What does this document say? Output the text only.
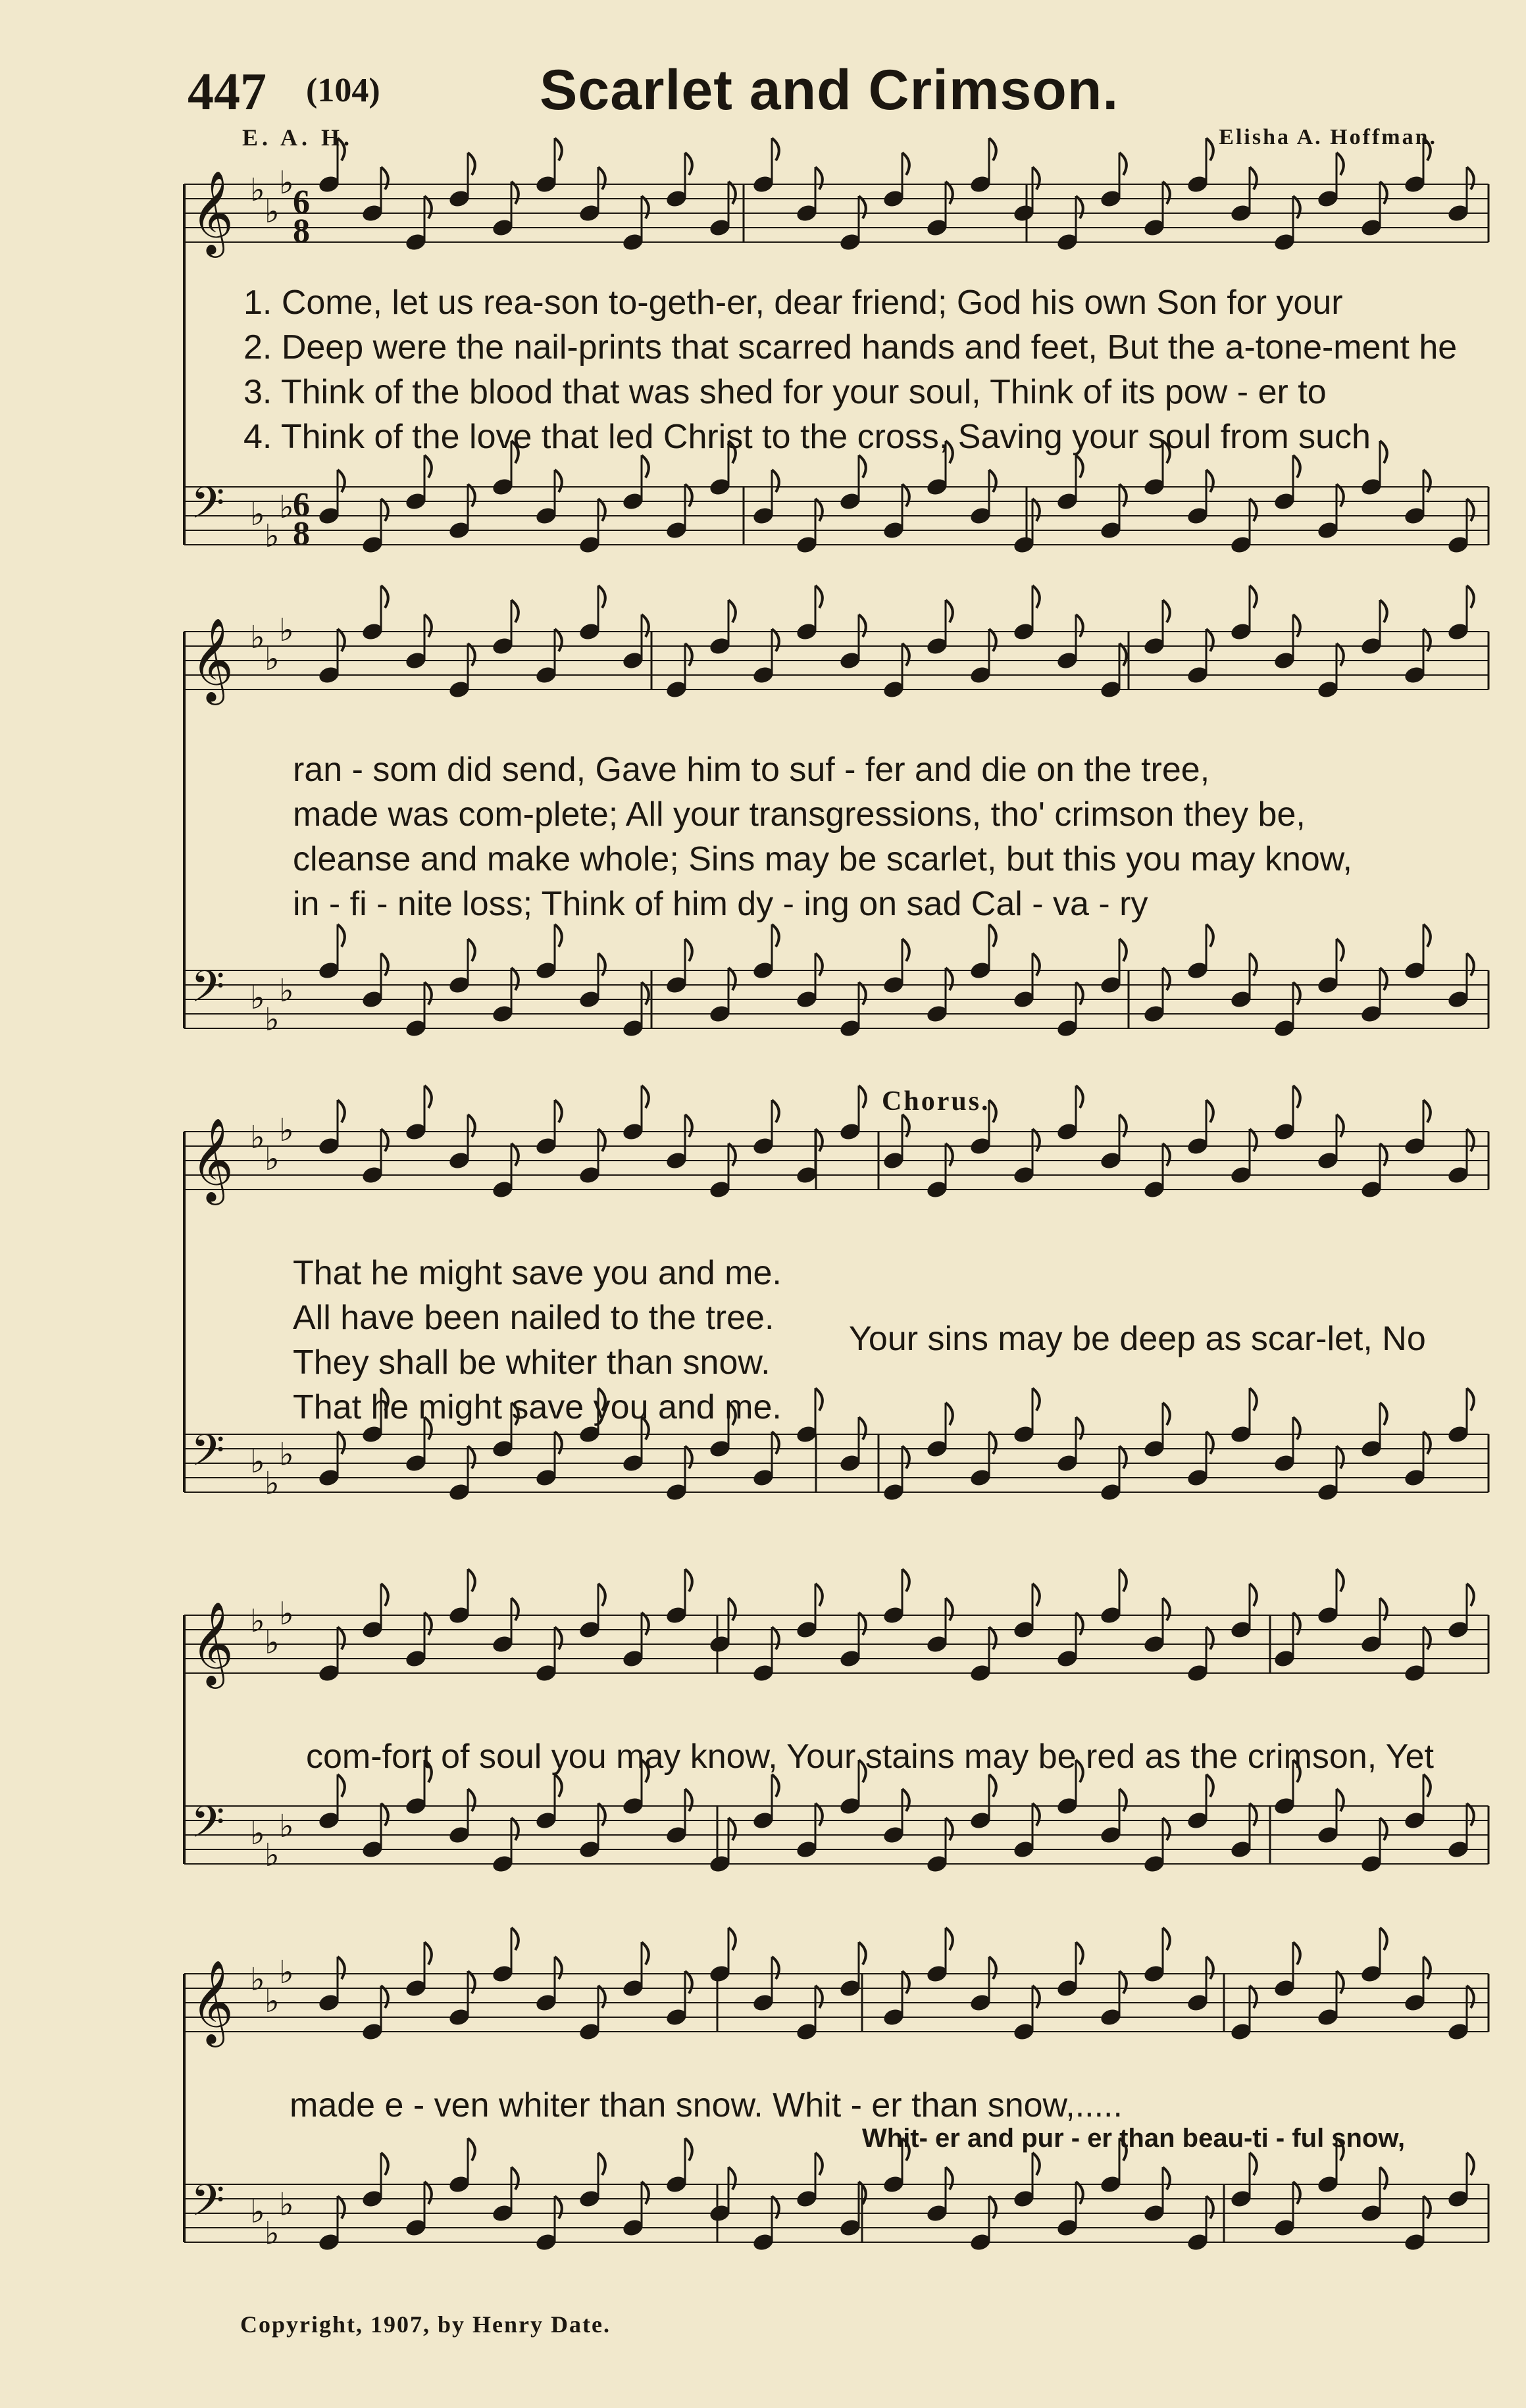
447 (104)	Scarlet and Crimson.
E. A. H.	Elisha A. Hoffman.
𝄞 ♭
♭
♭
𝄢 ♭
♭
♭
6
8
6
8
𝄞 ♭
♭
♭
𝄢 ♭
♭
♭
𝄞 ♭
♭
♭
𝄢 ♭
♭
♭
𝄞 ♭
♭
♭
𝄢 ♭
♭
♭
𝄞 ♭
♭
♭
𝄢 ♭
♭
♭
1. Come, let us rea-son to-geth-er, dear friend; God his own Son for your
2. Deep were the nail-prints that scarred hands and feet, But the a-tone-ment he
3. Think of the blood that was shed for your soul, Think of its pow - er to
4. Think of the love that led Christ to the cross, Saving your soul from such
ran - som did send, Gave him to suf - fer and die on the tree,
made was com-plete; All your transgressions, tho' crimson they be,
cleanse and make whole; Sins may be scarlet, but this you may know,
in - fi - nite loss; Think of him dy - ing on sad Cal - va - ry
Chorus.
That he might save you and me.
All have been nailed to the tree.
They shall be whiter than snow.
That he might save you and me.
Your sins may be deep as scar-let, No
com-fort of soul you may know, Your stains may be red as the crimson, Yet
made e - ven whiter than snow. Whit - er than snow,.....
Whit- er and pur - er than beau-ti - ful snow,
Copyright, 1907, by Henry Date.
